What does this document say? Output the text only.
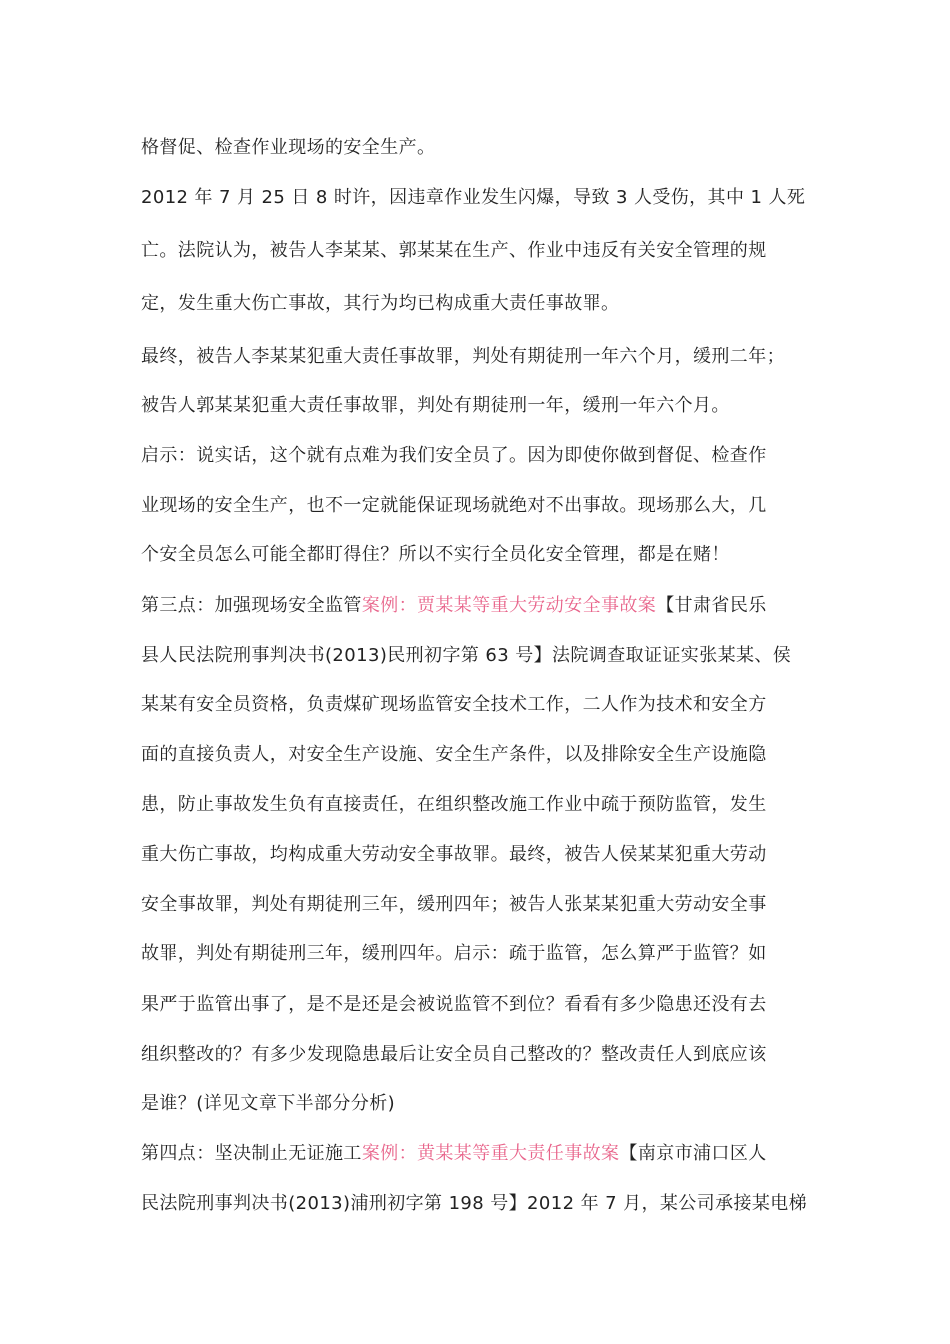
格督促、检查作业现场的安全生产。
2012 年 7 月 25 日 8 时许，因违章作业发生闪爆，导致 3 人受伤，其中 1 人死
亡。法院认为，被告人李某某、郭某某在生产、作业中违反有关安全管理的规
定，发生重大伤亡事故，其行为均已构成重大责任事故罪。
最终，被告人李某某犯重大责任事故罪，判处有期徒刑一年六个月，缓刑二年；
被告人郭某某犯重大责任事故罪，判处有期徒刑一年，缓刑一年六个月。
启示：说实话，这个就有点难为我们安全员了。因为即使你做到督促、检查作
业现场的安全生产，也不一定就能保证现场就绝对不出事故。现场那么大，几
个安全员怎么可能全都盯得住？所以不实行全员化安全管理，都是在赌！
第三点：加强现场安全监管案例：贾某某等重大劳动安全事故案【甘肃省民乐
县人民法院刑事判决书(2013)民刑初字第 63 号】法院调查取证证实张某某、侯
某某有安全员资格，负责煤矿现场监管安全技术工作，二人作为技术和安全方
面的直接负责人，对安全生产设施、安全生产条件，以及排除安全生产设施隐
患，防止事故发生负有直接责任，在组织整改施工作业中疏于预防监管，发生
重大伤亡事故，均构成重大劳动安全事故罪。最终，被告人侯某某犯重大劳动
安全事故罪，判处有期徒刑三年，缓刑四年；被告人张某某犯重大劳动安全事
故罪，判处有期徒刑三年，缓刑四年。启示：疏于监管，怎么算严于监管？如
果严于监管出事了，是不是还是会被说监管不到位？看看有多少隐患还没有去
组织整改的？有多少发现隐患最后让安全员自己整改的？整改责任人到底应该
是谁？(详见文章下半部分分析)
第四点：坚决制止无证施工案例：黄某某等重大责任事故案【南京市浦口区人
民法院刑事判决书(2013)浦刑初字第 198 号】2012 年 7 月，某公司承接某电梯
